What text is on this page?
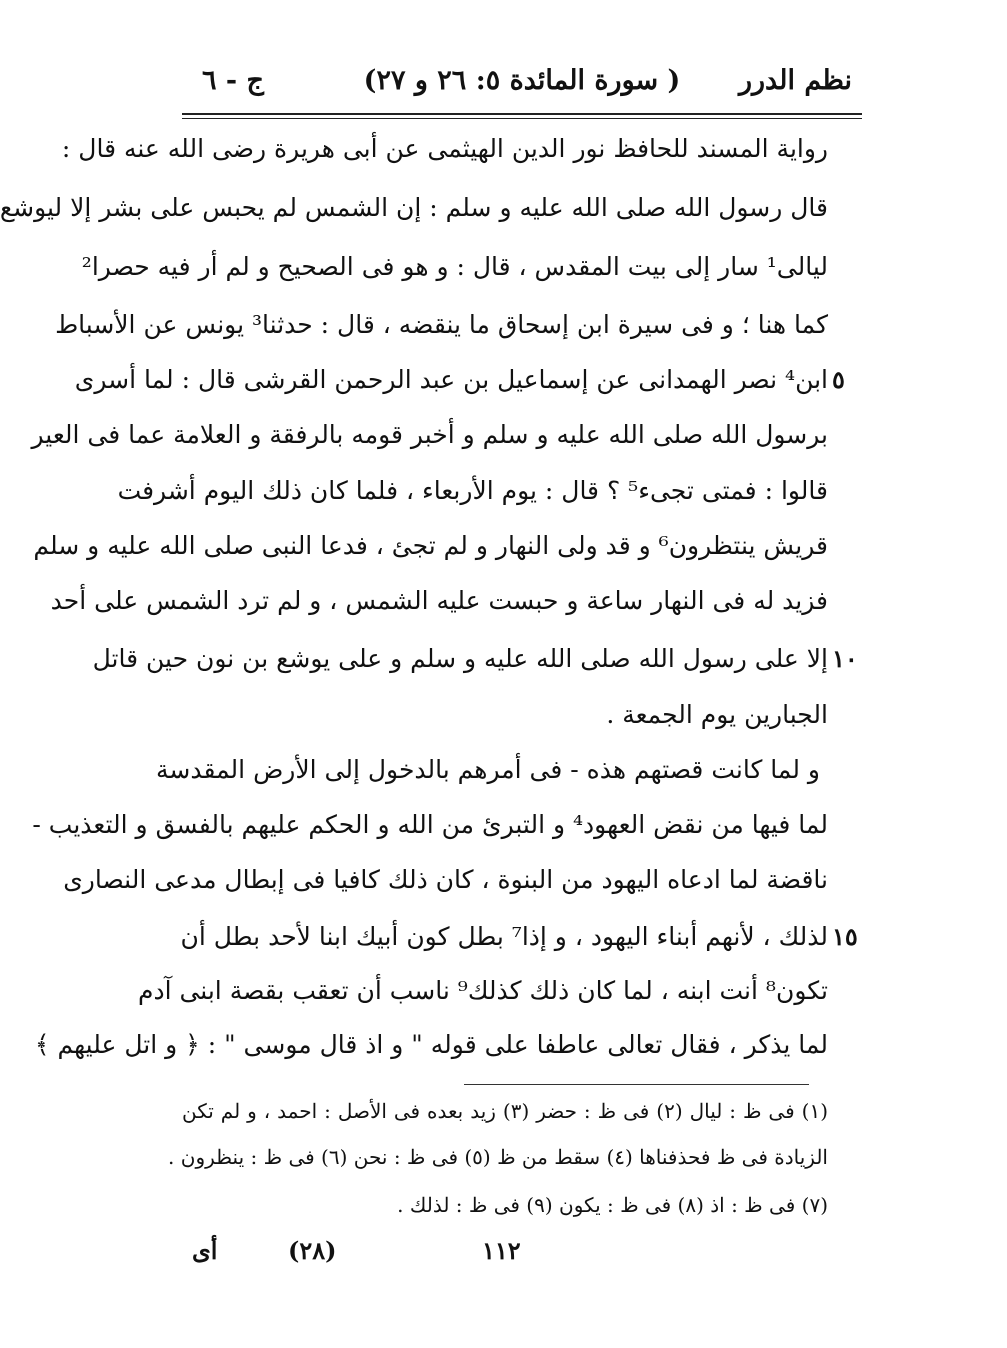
نظم الدرر
( سورة المائدة ٥: ٢٦ و ٢٧)
ج - ٦
رواية المسند للحافظ نور الدين الهيثمى عن أبى هريرة رضى الله عنه قال :
قال رسول الله صلى الله عليه و سلم : إن الشمس لم يحبس على بشر إلا ليوشع
ليالى¹ سار إلى بيت المقدس ، قال : و هو فى الصحيح و لم أر فيه حصرا²
كما هنا ؛ و فى سيرة ابن إسحاق ما ينقضه ، قال : حدثنا³ يونس عن الأسباط
ابن⁴ نصر الهمدانى عن إسماعيل بن عبد الرحمن القرشى قال : لما أسرى
برسول الله صلى الله عليه و سلم و أخبر قومه بالرفقة و العلامة عما فى العير
قالوا : فمتى تجىء⁵ ؟ قال : يوم الأربعاء ، فلما كان ذلك اليوم أشرفت
قريش ينتظرون⁶ و قد ولى النهار و لم تجئ ، فدعا النبى صلى الله عليه و سلم
فزيد له فى النهار ساعة و حبست عليه الشمس ، و لم ترد الشمس على أحد
إلا على رسول الله صلى الله عليه و سلم و على يوشع بن نون حين قاتل
الجبارين يوم الجمعة .
و لما كانت قصتهم هذه - فى أمرهم بالدخول إلى الأرض المقدسة
لما فيها من نقض العهود⁴ و التبرئ من الله و الحكم عليهم بالفسق و التعذيب -
ناقضة لما ادعاه اليهود من البنوة ، كان ذلك كافيا فى إبطال مدعى النصارى
لذلك ، لأنهم أبناء اليهود ، و إذا⁷ بطل كون أبيك ابنا لأحد بطل أن
تكون⁸ أنت ابنه ، لما كان ذلك كذلك⁹ ناسب أن تعقب بقصة ابنى آدم
لما يذكر ، فقال تعالى عاطفا على قوله " و اذ قال موسى " : ﴿ و اتل عليهم ﴾
٥
١٠
١٥
(١) فى ظ : ليال (٢) فى ظ : حضر (٣) زيد بعده فى الأصل : احمد ، و لم تكن
الزيادة فى ظ فحذفناها (٤) سقط من ظ (٥) فى ظ : نحن (٦) فى ظ : ينظرون .
(٧) فى ظ : اذ (٨) فى ظ : يكون (٩) فى ظ : لذلك .
١١٢
(٢٨)
أى
